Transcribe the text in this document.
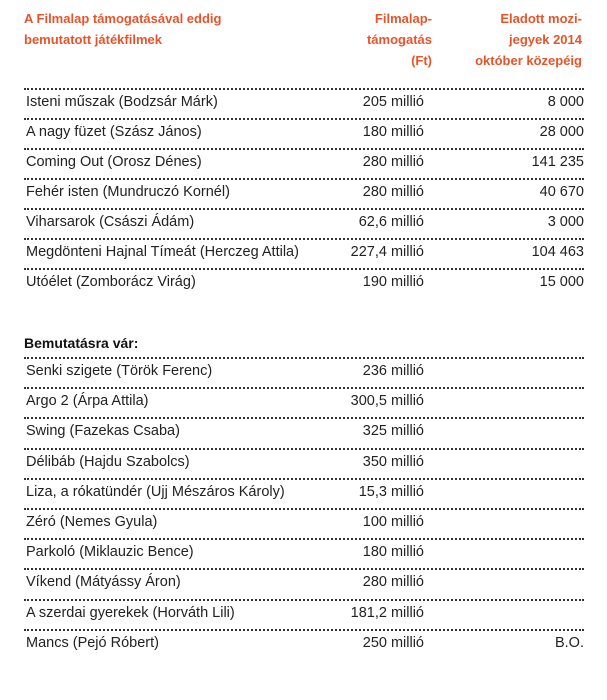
A Filmalap támogatásával eddig
bemutatott játékfilmek
Filmalap-
támogatás
(Ft)
Eladott mozi-
jegyek 2014
október közepéig
Isteni műszak (Bodzsár Márk)	205 millió	8 000
A nagy füzet (Szász János)	180 millió	28 000
Coming Out (Orosz Dénes)	280 millió	141 235
Fehér isten (Mundruczó Kornél)	280 millió	40 670
Viharsarok (Császi Ádám)	62,6 millió	3 000
Megdönteni Hajnal Tímeát (Herczeg Attila)	227,4 millió	104 463
Utóélet (Zomborácz Virág)	190 millió	15 000
Bemutatásra vár:
Senki szigete (Török Ferenc)	236 millió
Argo 2 (Árpa Attila)	300,5 millió
Swing (Fazekas Csaba)	325 millió
Délibáb (Hajdu Szabolcs)	350 millió
Liza, a rókatündér (Ujj Mészáros Károly)	15,3 millió
Zéró (Nemes Gyula)	100 millió
Parkoló (Miklauzic Bence)	180 millió
Víkend (Mátyássy Áron)	280 millió
A szerdai gyerekek (Horváth Lili)	181,2 millió
Mancs (Pejó Róbert)	250 millió	B.O.
